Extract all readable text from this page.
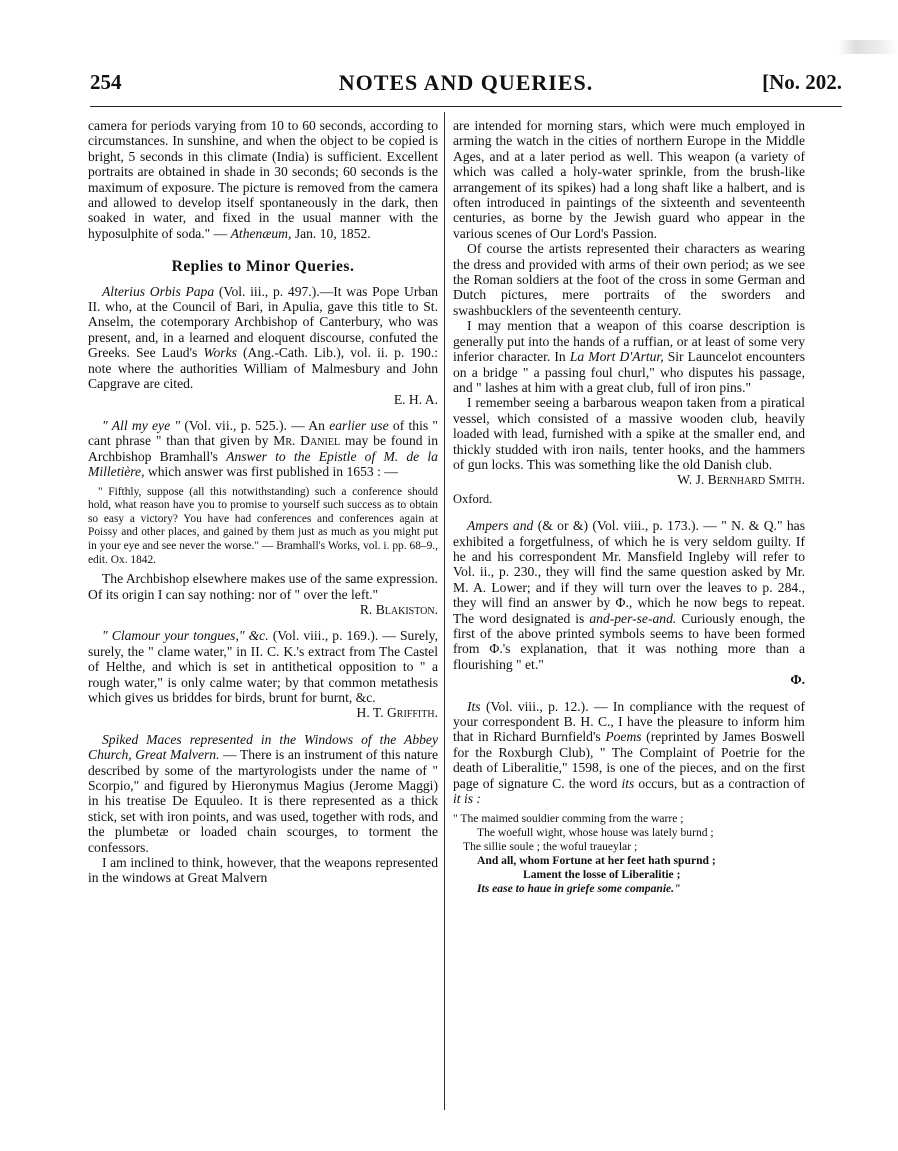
254	NOTES AND QUERIES.	[No. 202.

camera for periods varying from 10 to 60 seconds, according to circumstances. In sunshine, and when the object to be copied is bright, 5 seconds in this climate (India) is sufficient. Excellent portraits are obtained in shade in 30 seconds; 60 seconds is the maximum of exposure. The picture is removed from the camera and allowed to develop itself spontaneously in the dark, then soaked in water, and fixed in the usual manner with the hyposulphite of soda." — Athenæum, Jan. 10, 1852.

Replies to Minor Queries.

Alterius Orbis Papa (Vol. iii., p. 497.).—It was Pope Urban II. who, at the Council of Bari, in Apulia, gave this title to St. Anselm, the cotemporary Archbishop of Canterbury, who was present, and, in a learned and eloquent discourse, confuted the Greeks. See Laud's Works (Ang.-Cath. Lib.), vol. ii. p. 190.: note where the authorities William of Malmesbury and John Capgrave are cited.

E. H. A.

" All my eye " (Vol. vii., p. 525.). — An earlier use of this " cant phrase " than that given by Mr. Daniel may be found in Archbishop Bramhall's Answer to the Epistle of M. de la Milletière, which answer was first published in 1653 : —

" Fifthly, suppose (all this notwithstanding) such a conference should hold, what reason have you to promise to yourself such success as to obtain so easy a victory? You have had conferences and conferences again at Poissy and other places, and gained by them just as much as you might put in your eye and see never the worse." — Bramhall's Works, vol. i. pp. 68–9., edit. Ox. 1842.

The Archbishop elsewhere makes use of the same expression. Of its origin I can say nothing: nor of " over the left."

R. Blakiston.

" Clamour your tongues," &c. (Vol. viii., p. 169.). — Surely, surely, the " clame water," in II. C. K.'s extract from The Castel of Helthe, and which is set in antithetical opposition to " a rough water," is only calme water; by that common metathesis which gives us briddes for birds, brunt for burnt, &c.

H. T. Griffith.

Spiked Maces represented in the Windows of the Abbey Church, Great Malvern. — There is an instrument of this nature described by some of the martyrologists under the name of " Scorpio," and figured by Hieronymus Magius (Jerome Maggi) in his treatise De Equuleo. It is there represented as a thick stick, set with iron points, and was used, together with rods, and the plumbetæ or loaded chain scourges, to torment the confessors.

I am inclined to think, however, that the weapons represented in the windows at Great Malvern

are intended for morning stars, which were much employed in arming the watch in the cities of northern Europe in the Middle Ages, and at a later period as well. This weapon (a variety of which was called a holy-water sprinkle, from the brush-like arrangement of its spikes) had a long shaft like a halbert, and is often introduced in paintings of the sixteenth and seventeenth centuries, as borne by the Jewish guard who appear in the various scenes of Our Lord's Passion.

Of course the artists represented their characters as wearing the dress and provided with arms of their own period; as we see the Roman soldiers at the foot of the cross in some German and Dutch pictures, mere portraits of the sworders and swashbucklers of the seventeenth century.

I may mention that a weapon of this coarse description is generally put into the hands of a ruffian, or at least of some very inferior character. In La Mort D'Artur, Sir Launcelot encounters on a bridge " a passing foul churl," who disputes his passage, and " lashes at him with a great club, full of iron pins."

I remember seeing a barbarous weapon taken from a piratical vessel, which consisted of a massive wooden club, heavily loaded with lead, furnished with a spike at the smaller end, and thickly studded with iron nails, tenter hooks, and the hammers of gun locks. This was something like the old Danish club.

W. J. Bernhard Smith.
Oxford.

Ampers and (& or &) (Vol. viii., p. 173.). — " N. & Q." has exhibited a forgetfulness, of which he is very seldom guilty. If he and his correspondent Mr. Mansfield Ingleby will refer to Vol. ii., p. 230., they will find the same question asked by Mr. M. A. Lower; and if they will turn over the leaves to p. 284., they will find an answer by Φ., which he now begs to repeat. The word designated is and-per-se-and. Curiously enough, the first of the above printed symbols seems to have been formed from Φ.'s explanation, that it was nothing more than a flourishing " et."

Φ.

Its (Vol. viii., p. 12.). — In compliance with the request of your correspondent B. H. C., I have the pleasure to inform him that in Richard Burnfield's Poems (reprinted by James Boswell for the Roxburgh Club), " The Complaint of Poetrie for the death of Liberalitie," 1598, is one of the pieces, and on the first page of signature C. the word its occurs, but as a contraction of it is :

" The maimed souldier comming from the warre ;
The woefull wight, whose house was lately burnd ;
The sillie soule ; the woful traueylar ;
And all, whom Fortune at her feet hath spurnd ;
Lament the losse of Liberalitie ;
Its ease to haue in griefe some companie."
